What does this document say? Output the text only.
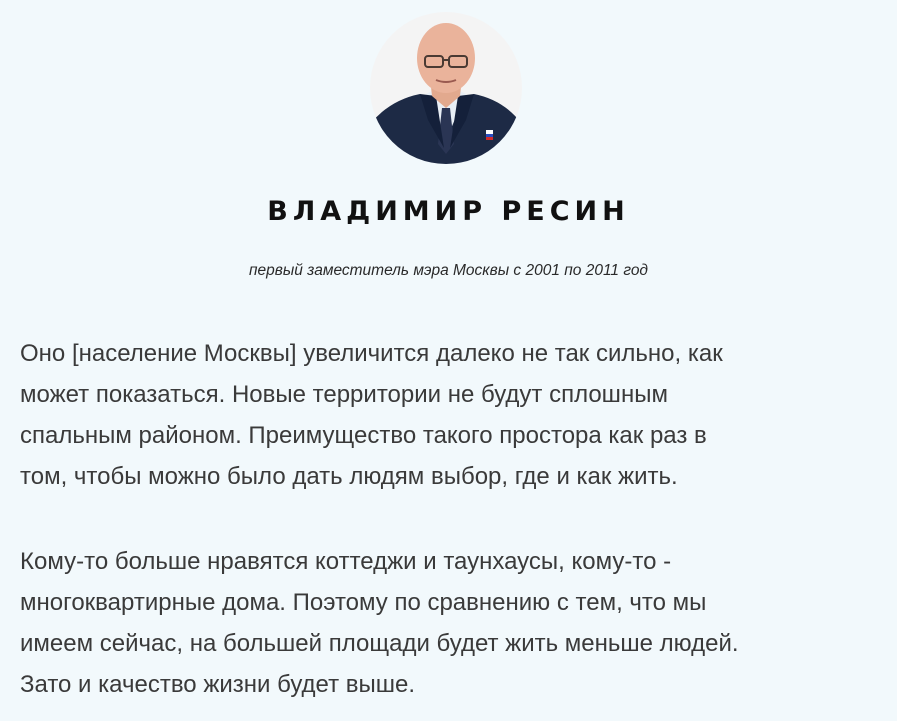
ВЛАДИМИР РЕСИН
первый заместитель мэра Москвы с 2001 по 2011 год
Оно [население Москвы] увеличится далеко не так сильно, как
может показаться. Новые территории не будут сплошным
спальным районом. Преимущество такого простора как раз в
том, чтобы можно было дать людям выбор, где и как жить.
Кому-то больше нравятся коттеджи и таунхаусы, кому-то -
многоквартирные дома. Поэтому по сравнению с тем, что мы
имеем сейчас, на большей площади будет жить меньше людей.
Зато и качество жизни будет выше.
